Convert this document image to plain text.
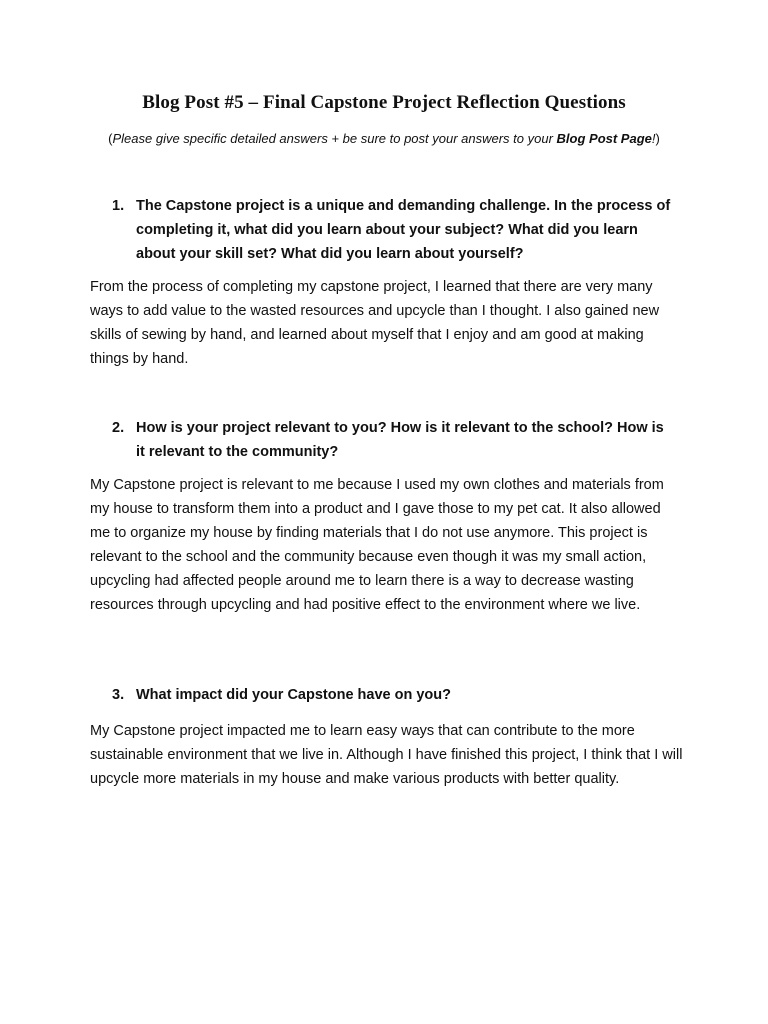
Blog Post #5 – Final Capstone Project Reflection Questions
(Please give specific detailed answers + be sure to post your answers to your Blog Post Page!)
1. The Capstone project is a unique and demanding challenge. In the process of completing it, what did you learn about your subject? What did you learn about your skill set? What did you learn about yourself?
From the process of completing my capstone project, I learned that there are very many ways to add value to the wasted resources and upcycle than I thought. I also gained new skills of sewing by hand, and learned about myself that I enjoy and am good at making things by hand.
2. How is your project relevant to you? How is it relevant to the school? How is it relevant to the community?
My Capstone project is relevant to me because I used my own clothes and materials from my house to transform them into a product and I gave those to my pet cat. It also allowed me to organize my house by finding materials that I do not use anymore. This project is relevant to the school and the community because even though it was my small action, upcycling had affected people around me to learn there is a way to decrease wasting resources through upcycling and had positive effect to the environment where we live.
3. What impact did your Capstone have on you?
My Capstone project impacted me to learn easy ways that can contribute to the more sustainable environment that we live in. Although I have finished this project, I think that I will upcycle more materials in my house and make various products with better quality.
